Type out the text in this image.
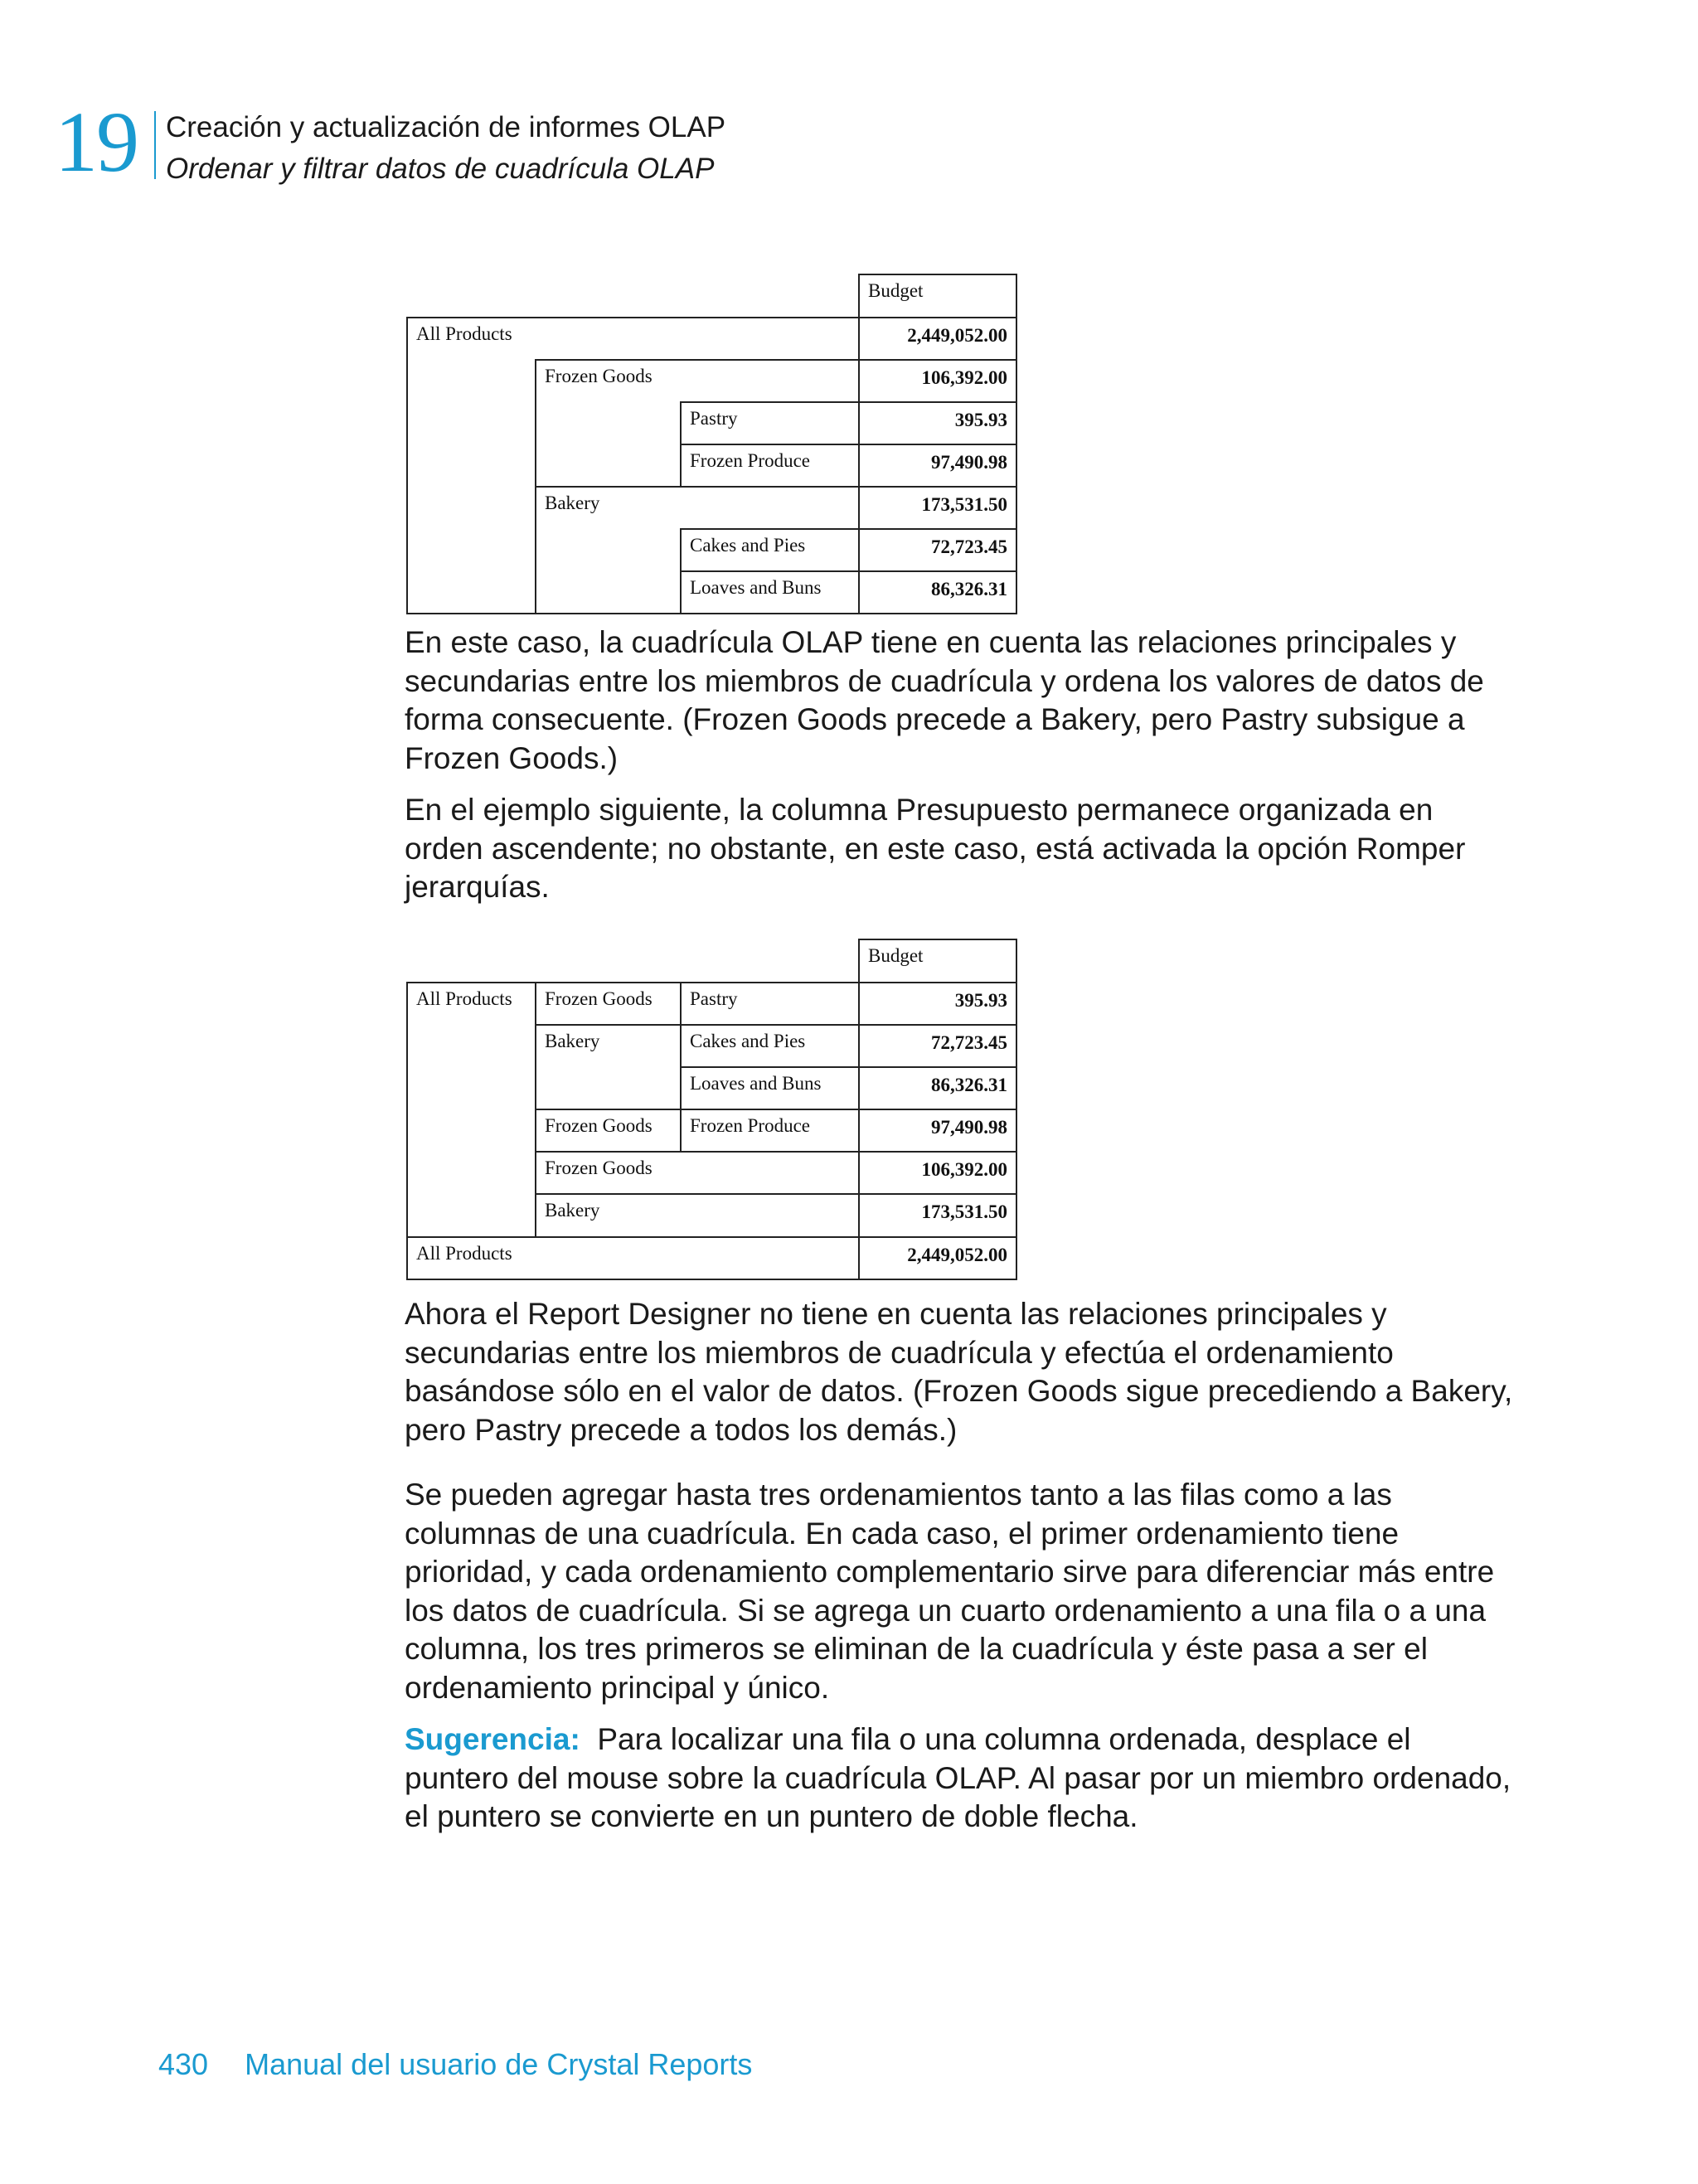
19 Creación y actualización de informes OLAP
Ordenar y filtrar datos de cuadrícula OLAP
Budget
All Products	2,449,052.00
Frozen Goods	106,392.00
Pastry	395.93
Frozen Produce	97,490.98
Bakery	173,531.50
Cakes and Pies	72,723.45
Loaves and Buns	86,326.31

En este caso, la cuadrícula OLAP tiene en cuenta las relaciones principales y secundarias entre los miembros de cuadrícula y ordena los valores de datos de forma consecuente. (Frozen Goods precede a Bakery, pero Pastry subsigue a Frozen Goods.)

En el ejemplo siguiente, la columna Presupuesto permanece organizada en orden ascendente; no obstante, en este caso, está activada la opción Romper jerarquías.

Budget
All Products	Frozen Goods	Pastry	395.93
Bakery	Cakes and Pies	72,723.45
Loaves and Buns	86,326.31
Frozen Goods	Frozen Produce	97,490.98
Frozen Goods	106,392.00
Bakery	173,531.50
All Products	2,449,052.00

Ahora el Report Designer no tiene en cuenta las relaciones principales y secundarias entre los miembros de cuadrícula y efectúa el ordenamiento basándose sólo en el valor de datos. (Frozen Goods sigue precediendo a Bakery, pero Pastry precede a todos los demás.)

Se pueden agregar hasta tres ordenamientos tanto a las filas como a las columnas de una cuadrícula. En cada caso, el primer ordenamiento tiene prioridad, y cada ordenamiento complementario sirve para diferenciar más entre los datos de cuadrícula. Si se agrega un cuarto ordenamiento a una fila o a una columna, los tres primeros se eliminan de la cuadrícula y éste pasa a ser el ordenamiento principal y único.

Sugerencia: Para localizar una fila o una columna ordenada, desplace el puntero del mouse sobre la cuadrícula OLAP. Al pasar por un miembro ordenado, el puntero se convierte en un puntero de doble flecha.

430 Manual del usuario de Crystal Reports
